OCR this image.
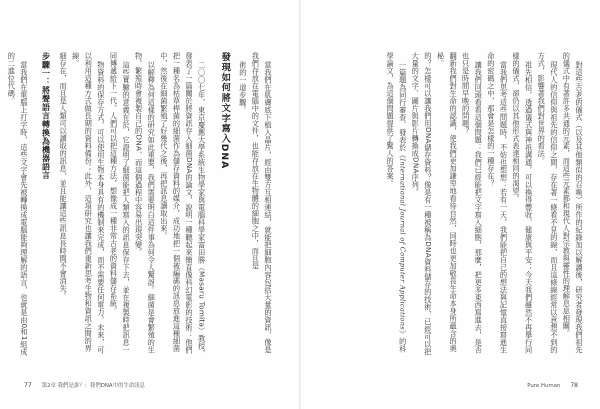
當我們在肌膚底下植入晶片，經由雙方互相連結，就能把細胞內容包括大量的資訊，像是我們存放在電腦中的文件，也能存放在生物體的細胞之中，而且是

術的一道步驟。

發現如何將文字寫入DNA

二〇〇七年，東京慶應大學系統生物學家與電腦科學家富田勝（Masaru Tomita）教授，發表了一篇關於將資訊存入細菌DNA的論文，說明一種聽起來簡直像科幻電影的技術：他們把一種名為枯草桿菌的細菌作為儲存資料的媒介，成功地把一個被編碼的訊息放進這種細菌中，然後在細菌繁殖了好幾代之後，再把訊息讀取出來。

以解釋為何這樣的研究如此重要，我們需要明白這件事為何令人驚訝。細菌是會繁殖的生物，繁殖時會複製自己的DNA，而這個過程中容易出現突變。

這些實驗的意義在於，它證明了細菌能把人類寫入的訊息保存下去，並在複製時把訊息一同傳遞給下一代。人們可以把這種方法，想像成一種非常古老的資料儲存系統。

物資料的保存方式，可以使用生物本身具有的機制來完成，而不需要任何電力。未來，可以利用這種方式做長期的資料備份；此外，這項研究也讓我們重新思考生物和資訊之間的界線。

細存在，而且是人類可以讀取的訊息，並且能讓這些訊息長時間不會消失。

步驟一：將聲語言轉換為機器語言

當我們在電腦上打字時，這些文字會先被轉換成電腦能夠理解的語言，也就是由0和1組成的二進位代碼。

77 第2章 我們是誰？：我們DNA中的生命訊息

對這些古老的儀式（以及其他類似的召喚）所作的紀錄加以解讀後，研究者發現我們祖先的儀式中有著許多共通的元素，而這些元素都和現代人對宗教與靈性的理解息息相關。

現代人的信仰與祖先的信仰之間，存在著一條看不見的線，而且這條線經常以意想不到的方式，影響著我們對世界的看法。

祖先相信，透過儀式與神祇溝通，可以換得豐收、健康與平安；今天我們雖然不再舉行同樣的儀式，卻仍以其他形式表達相同的渴望。

當我們思考這些問題時，不妨也想想：若有一天，我們能把自己的想法與記憶直接寫進生命的密碼之中，那會是怎樣的一種存在？

讓我們回頭看看這個問題：我們已經能把文字寫入細胞，那麼，把更多東西寫進去，是否也只是時間早晚的問題？

翻新我們對生命的認識，使我們更加謙卑地看待自然，同時也更加敬畏生命本身所蘊含的奧秘。

的？怎樣可以讓我們用DNA儲存資料？像是有一種被稱為DNA資料儲存的技術，已經可以把大量的文字、圖片與影片轉換成DNA序列。

一篇題為同行審查、發表於《International Journal of Computer Applications》的科學論文，為這個問題提供了驚人的答案。

Pure Human 78
